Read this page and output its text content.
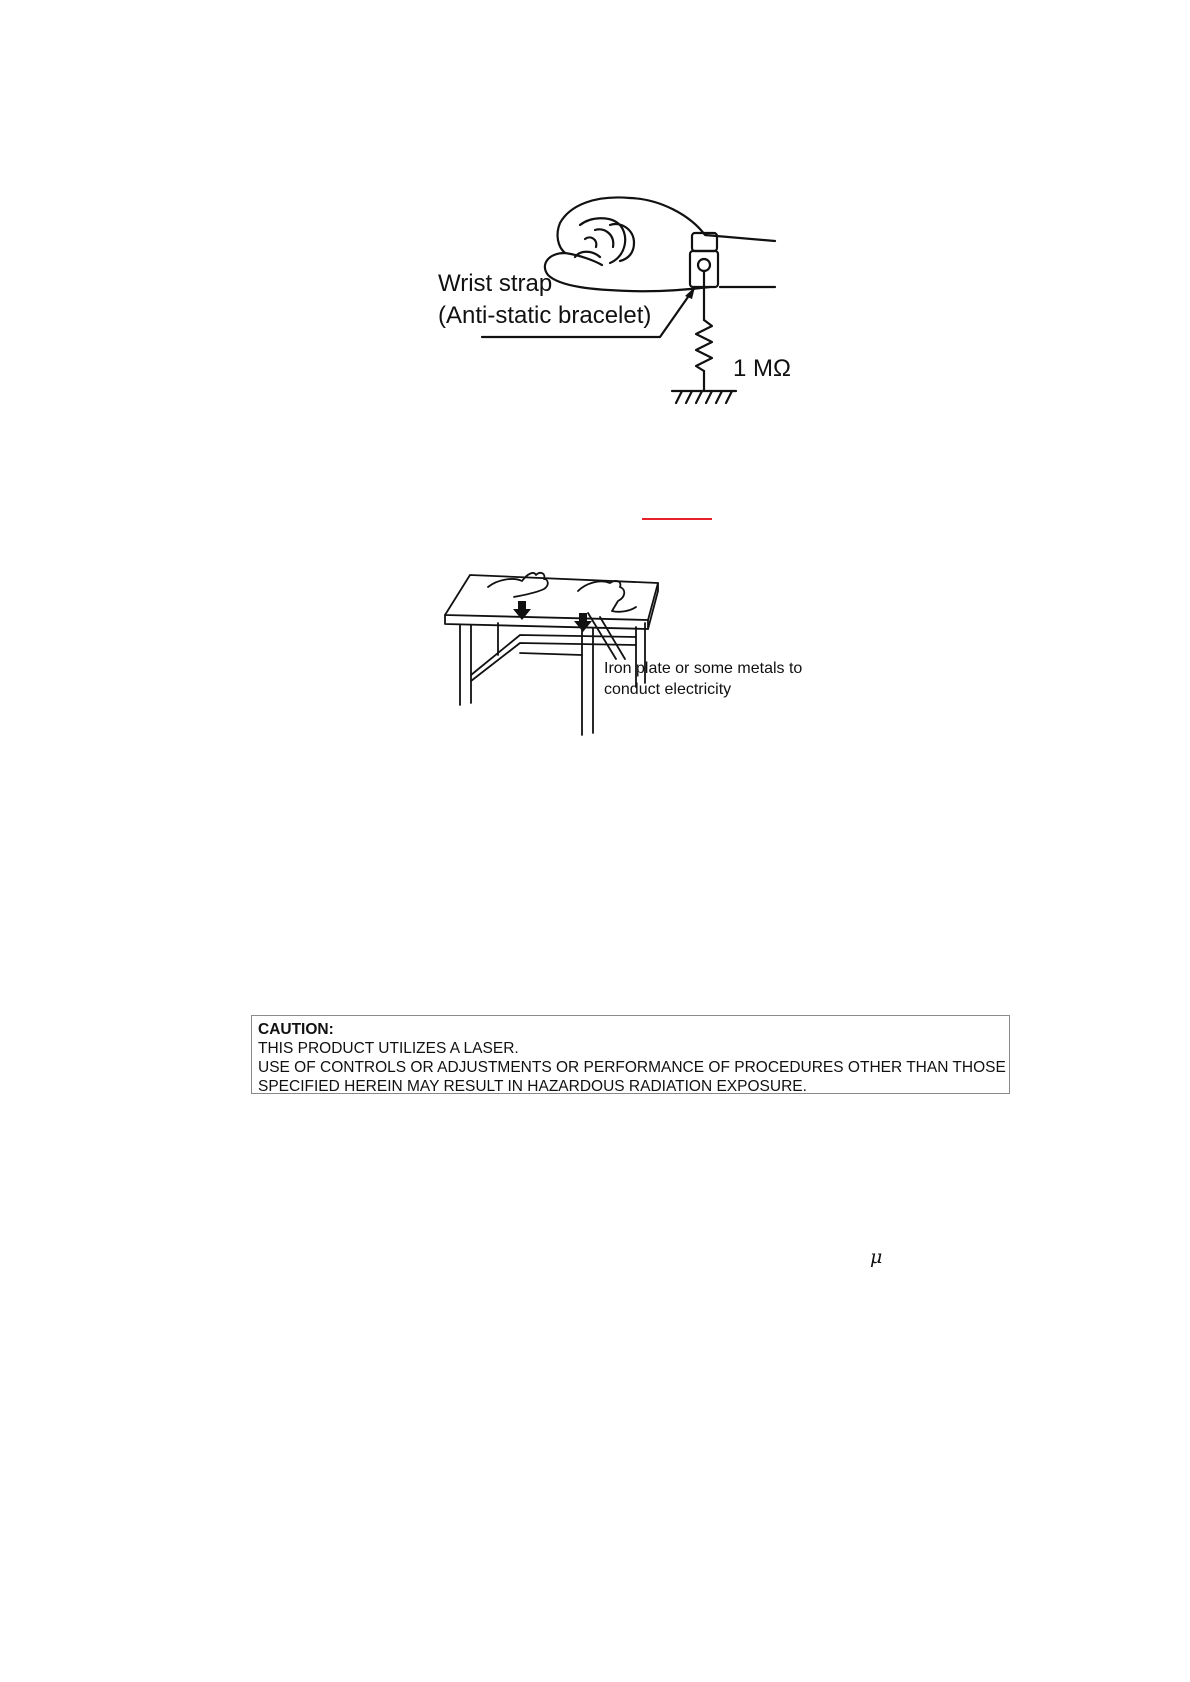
Wrist strap
(Anti-static bracelet)
1 MΩ
Iron plate or some metals to
conduct electricity
CAUTION:
THIS PRODUCT UTILIZES A LASER.
USE OF CONTROLS OR ADJUSTMENTS OR PERFORMANCE OF PROCEDURES OTHER THAN THOSE
SPECIFIED HEREIN MAY RESULT IN HAZARDOUS RADIATION EXPOSURE.
μ
